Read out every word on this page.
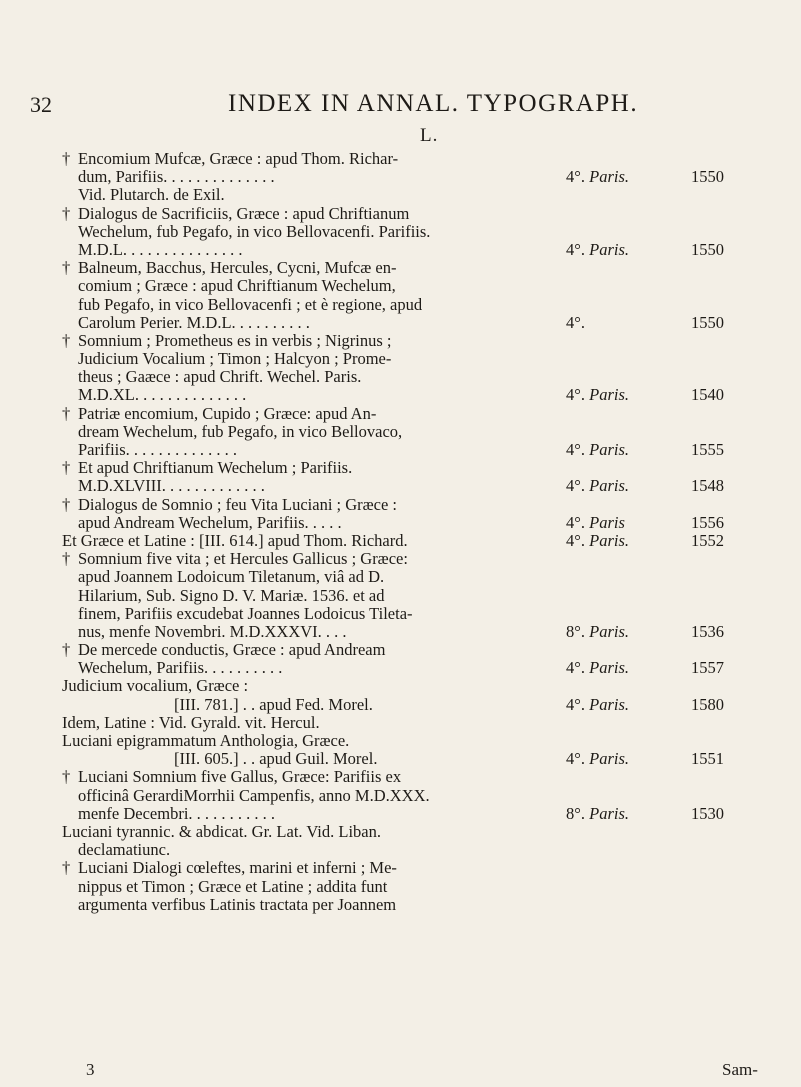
32	INDEX IN ANNAL. TYPOGRAPH.
L.
† Encomium Mufcæ, Græce : apud Thom. Richar-
dum, Parifiis. . . . . . . . . . . . . .	4°. Paris.	1550
Vid. Plutarch. de Exil.
† Dialogus de Sacrificiis, Græce : apud Chriftianum
Wechelum, fub Pegafo, in vico Bellovacenfi. Parifiis.
M.D.L. . . . . . . . . . . . . . .	4°. Paris.	1550
† Balneum, Bacchus, Hercules, Cycni, Mufcæ en-
comium ; Græce : apud Chriftianum Wechelum,
fub Pegafo, in vico Bellovacenfi ; et è regione, apud
Carolum Perier. M.D.L. . . . . . . . . .	4°.	1550
† Somnium ; Prometheus es in verbis ; Nigrinus ;
Judicium Vocalium ; Timon ; Halcyon ; Prome-
theus ; Gaæce : apud Chrift. Wechel. Paris.
M.D.XL. . . . . . . . . . . . . .	4°. Paris.	1540
† Patriæ encomium, Cupido ; Græce: apud An-
dream Wechelum, fub Pegafo, in vico Bellovaco,
Parifiis. . . . . . . . . . . . . .	4°. Paris.	1555
† Et apud Chriftianum Wechelum ; Parifiis.
M.D.XLVIII. . . . . . . . . . . . .	4°. Paris.	1548
† Dialogus de Somnio ; feu Vita Luciani ; Græce :
apud Andream Wechelum, Parifiis. . . . .	4°. Paris	1556
Et Græce et Latine : [III. 614.] apud Thom. Richard.	4°. Paris.	1552
† Somnium five vita ; et Hercules Gallicus ; Græce:
apud Joannem Lodoicum Tiletanum, viâ ad D.
Hilarium, Sub. Signo D. V. Mariæ. 1536. et ad
finem, Parifiis excudebat Joannes Lodoicus Tileta-
nus, menfe Novembri. M.D.XXXVI. . . .	8°. Paris.	1536
† De mercede conductis, Græce : apud Andream
Wechelum, Parifiis. . . . . . . . . .	4°. Paris.	1557
Judicium vocalium, Græce :
[III. 781.] . . apud Fed. Morel.	4°. Paris.	1580
Idem, Latine : Vid. Gyrald. vit. Hercul.
Luciani epigrammatum Anthologia, Græce.
[III. 605.] . . apud Guil. Morel.	4°. Paris.	1551
† Luciani Somnium five Gallus, Græce: Parifiis ex
officinâ GerardiMorrhii Campenfis, anno M.D.XXX.
menfe Decembri. . . . . . . . . . .	8°. Paris.	1530
Luciani tyrannic. & abdicat. Gr. Lat. Vid. Liban.
declamatiunc.
† Luciani Dialogi cœleftes, marini et inferni ; Me-
nippus et Timon ; Græce et Latine ; addita funt
argumenta verfibus Latinis tractata per Joannem
3	Sam-
